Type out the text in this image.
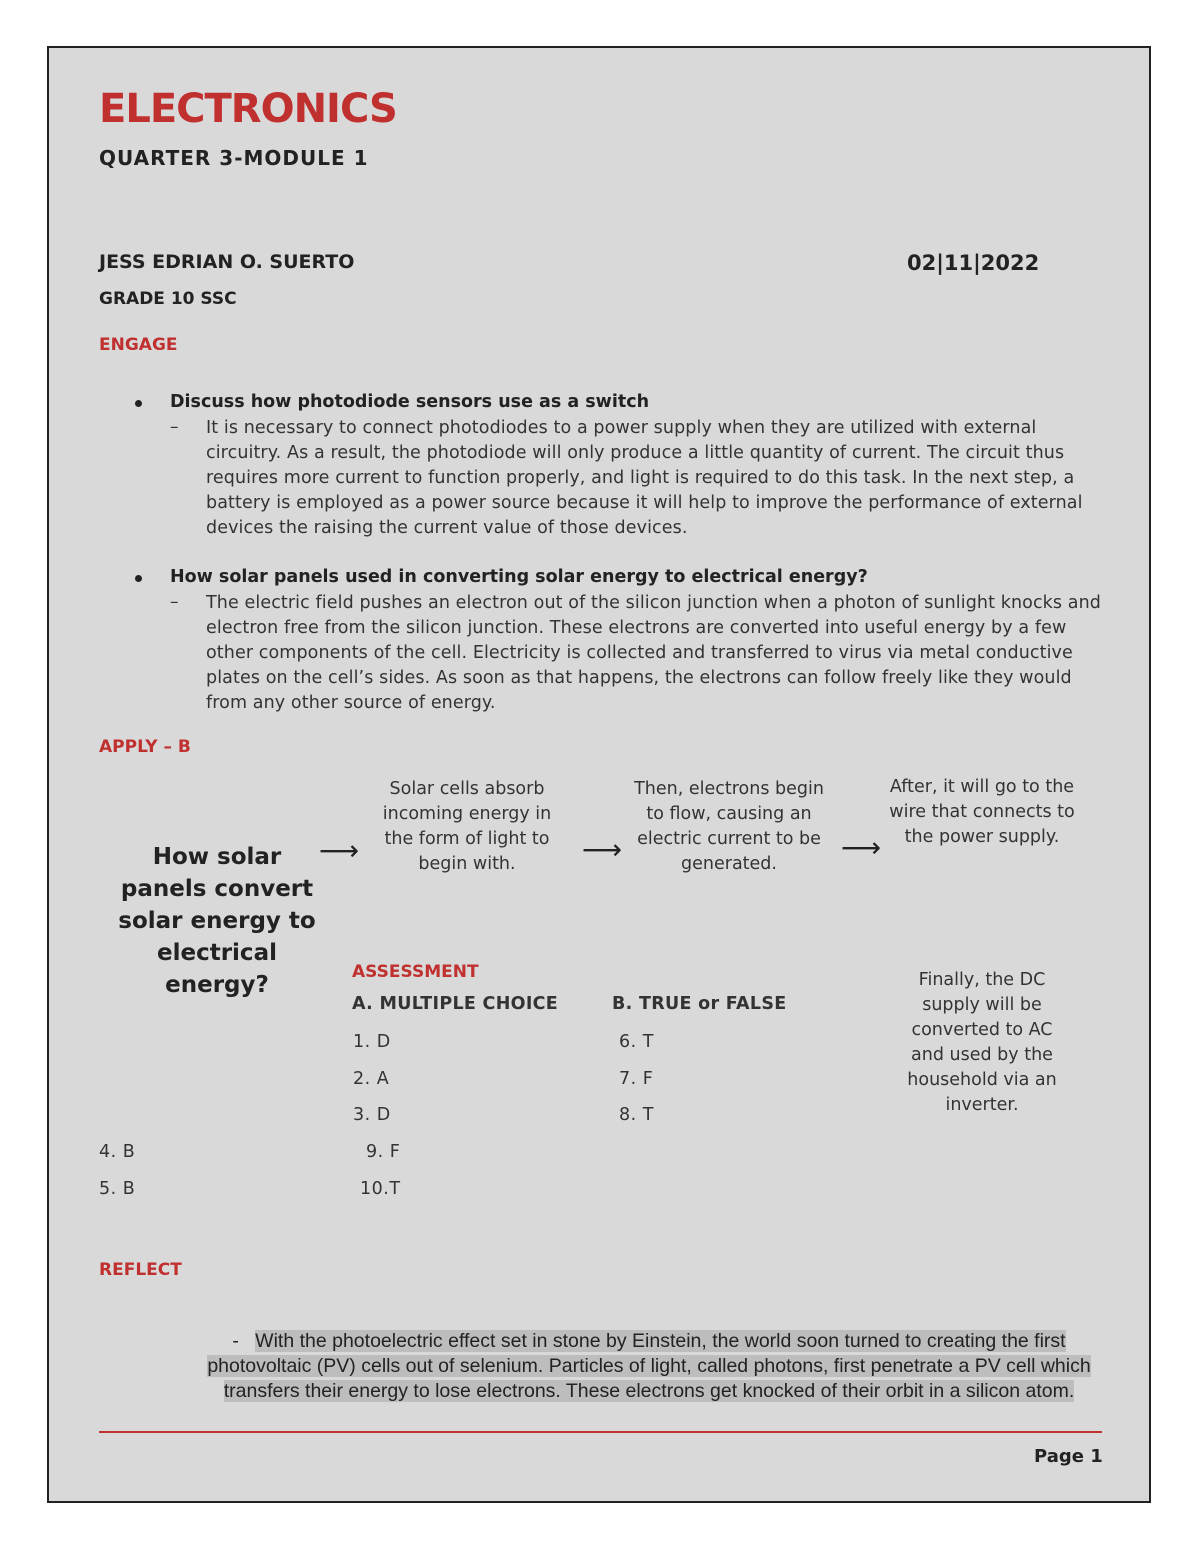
ELECTRONICS
QUARTER 3-MODULE 1
JESS EDRIAN O. SUERTO	02|11|2022
GRADE 10 SSC
ENGAGE
Discuss how photodiode sensors use as a switch
– It is necessary to connect photodiodes to a power supply when they are utilized with external circuitry. As a result, the photodiode will only produce a little quantity of current. The circuit thus requires more current to function properly, and light is required to do this task. In the next step, a battery is employed as a power source because it will help to improve the performance of external devices the raising the current value of those devices.
How solar panels used in converting solar energy to electrical energy?
– The electric field pushes an electron out of the silicon junction when a photon of sunlight knocks and electron free from the silicon junction. These electrons are converted into useful energy by a few other components of the cell. Electricity is collected and transferred to virus via metal conductive plates on the cell’s sides. As soon as that happens, the electrons can follow freely like they would from any other source of energy.
APPLY – B
How solar panels convert solar energy to electrical energy?
⟶
Solar cells absorb incoming energy in the form of light to begin with.	⟶
Then, electrons begin to flow, causing an electric current to be generated.	⟶
After, it will go to the wire that connects to the power supply.
Finally, the DC supply will be converted to AC and used by the household via an inverter.
ASSESSMENT
A. MULTIPLE CHOICE	B. TRUE or FALSE
1. D
2. A
3. D
4. B
5. B
6. T
7. F
8. T
9. F
10.T
REFLECT
- With the photoelectric effect set in stone by Einstein, the world soon turned to creating the first photovoltaic (PV) cells out of selenium. Particles of light, called photons, first penetrate a PV cell which transfers their energy to lose electrons. These electrons get knocked of their orbit in a silicon atom.
Page 1
